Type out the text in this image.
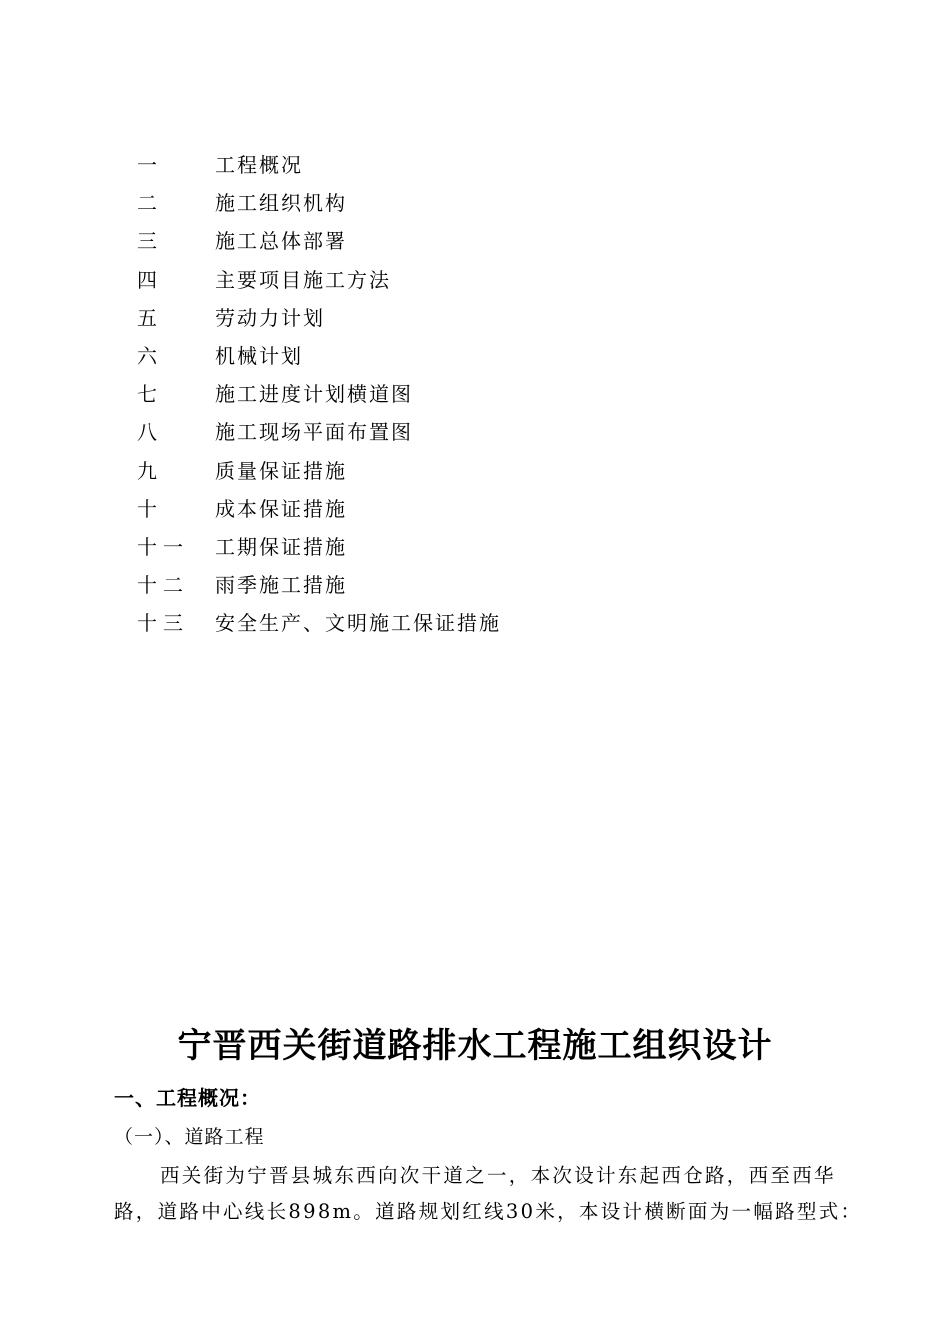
一	工程概况
二	施工组织机构
三	施工总体部署
四	主要项目施工方法
五	劳动力计划
六	机械计划
七	施工进度计划横道图
八	施工现场平面布置图
九	质量保证措施
十	成本保证措施
十一	工期保证措施
十二	雨季施工措施
十三	安全生产、文明施工保证措施
宁晋西关街道路排水工程施工组织设计
一、工程概况：
（一）、道路工程

西关街为宁晋县城东西向次干道之一，本次设计东起西仓路，西至西华路，道路中心线长898m。道路规划红线30米，本设计横断面为一幅路型式：
